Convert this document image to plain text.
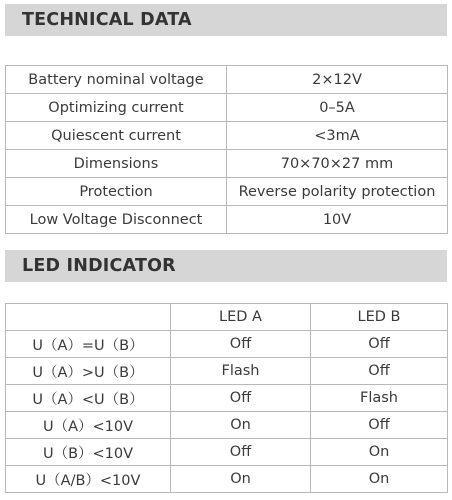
TECHNICAL DATA
Battery nominal voltage	2×12V
Optimizing current	0–5A
Quiescent current	<3mA
Dimensions	70×70×27 mm
Protection	Reverse polarity protection
Low Voltage Disconnect	10V
LED INDICATOR
	LED A	LED B
U（A）=U（B）	Off	Off
U（A）>U（B）	Flash	Off
U（A）<U（B）	Off	Flash
U（A）<10V	On	Off
U（B）<10V	Off	On
U（A/B）<10V	On	On
